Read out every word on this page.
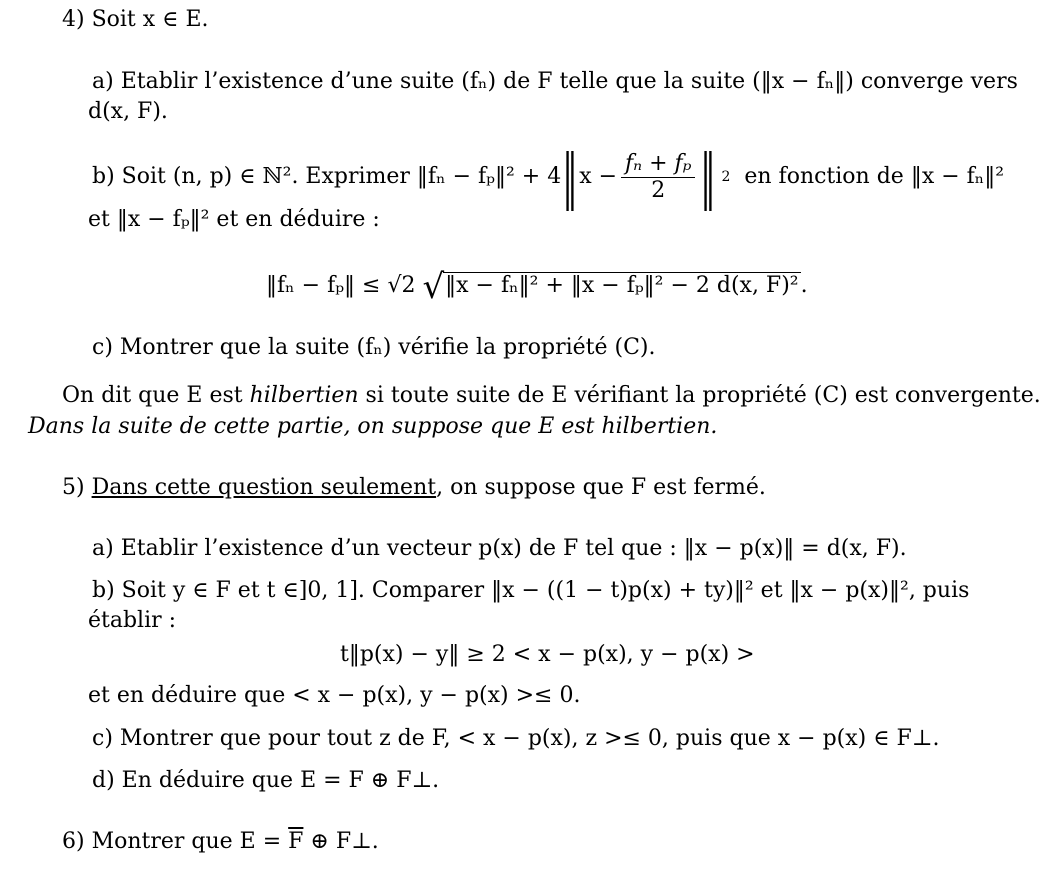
4) Soit x ∈ E.
a) Etablir l’existence d’une suite (fₙ) de F telle que la suite (‖x − fₙ‖) converge vers
d(x, F).
b) Soit (n, p) ∈ ℕ². Exprimer ‖fₙ − fₚ‖² + 4 ‖ $x - \frac{\text{fₙ + fₚ}}{2}$ ‖ 2 en fonction de ‖x − fₙ‖²
et ‖x − fₚ‖² et en déduire :
‖fₙ − fₚ‖ ≤ √2 √‖x − fₙ‖² + ‖x − fₚ‖² − 2 d(x, F)².
c) Montrer que la suite (fₙ) vérifie la propriété (C).
On dit que E est hilbertien si toute suite de E vérifiant la propriété (C) est convergente.
Dans la suite de cette partie, on suppose que E est hilbertien.
5) Dans cette question seulement, on suppose que F est fermé.
a) Etablir l’existence d’un vecteur p(x) de F tel que : ‖x − p(x)‖ = d(x, F).
b) Soit y ∈ F et t ∈]0, 1]. Comparer ‖x − ((1 − t)p(x) + ty)‖² et ‖x − p(x)‖², puis
établir :
t‖p(x) − y‖ ≥ 2 < x − p(x), y − p(x) >
et en déduire que < x − p(x), y − p(x) >≤ 0.
c) Montrer que pour tout z de F, < x − p(x), z >≤ 0, puis que x − p(x) ∈ F⊥.
d) En déduire que E = F ⊕ F⊥.
6) Montrer que $E = \overline{F}$ ⊕ F⊥.
